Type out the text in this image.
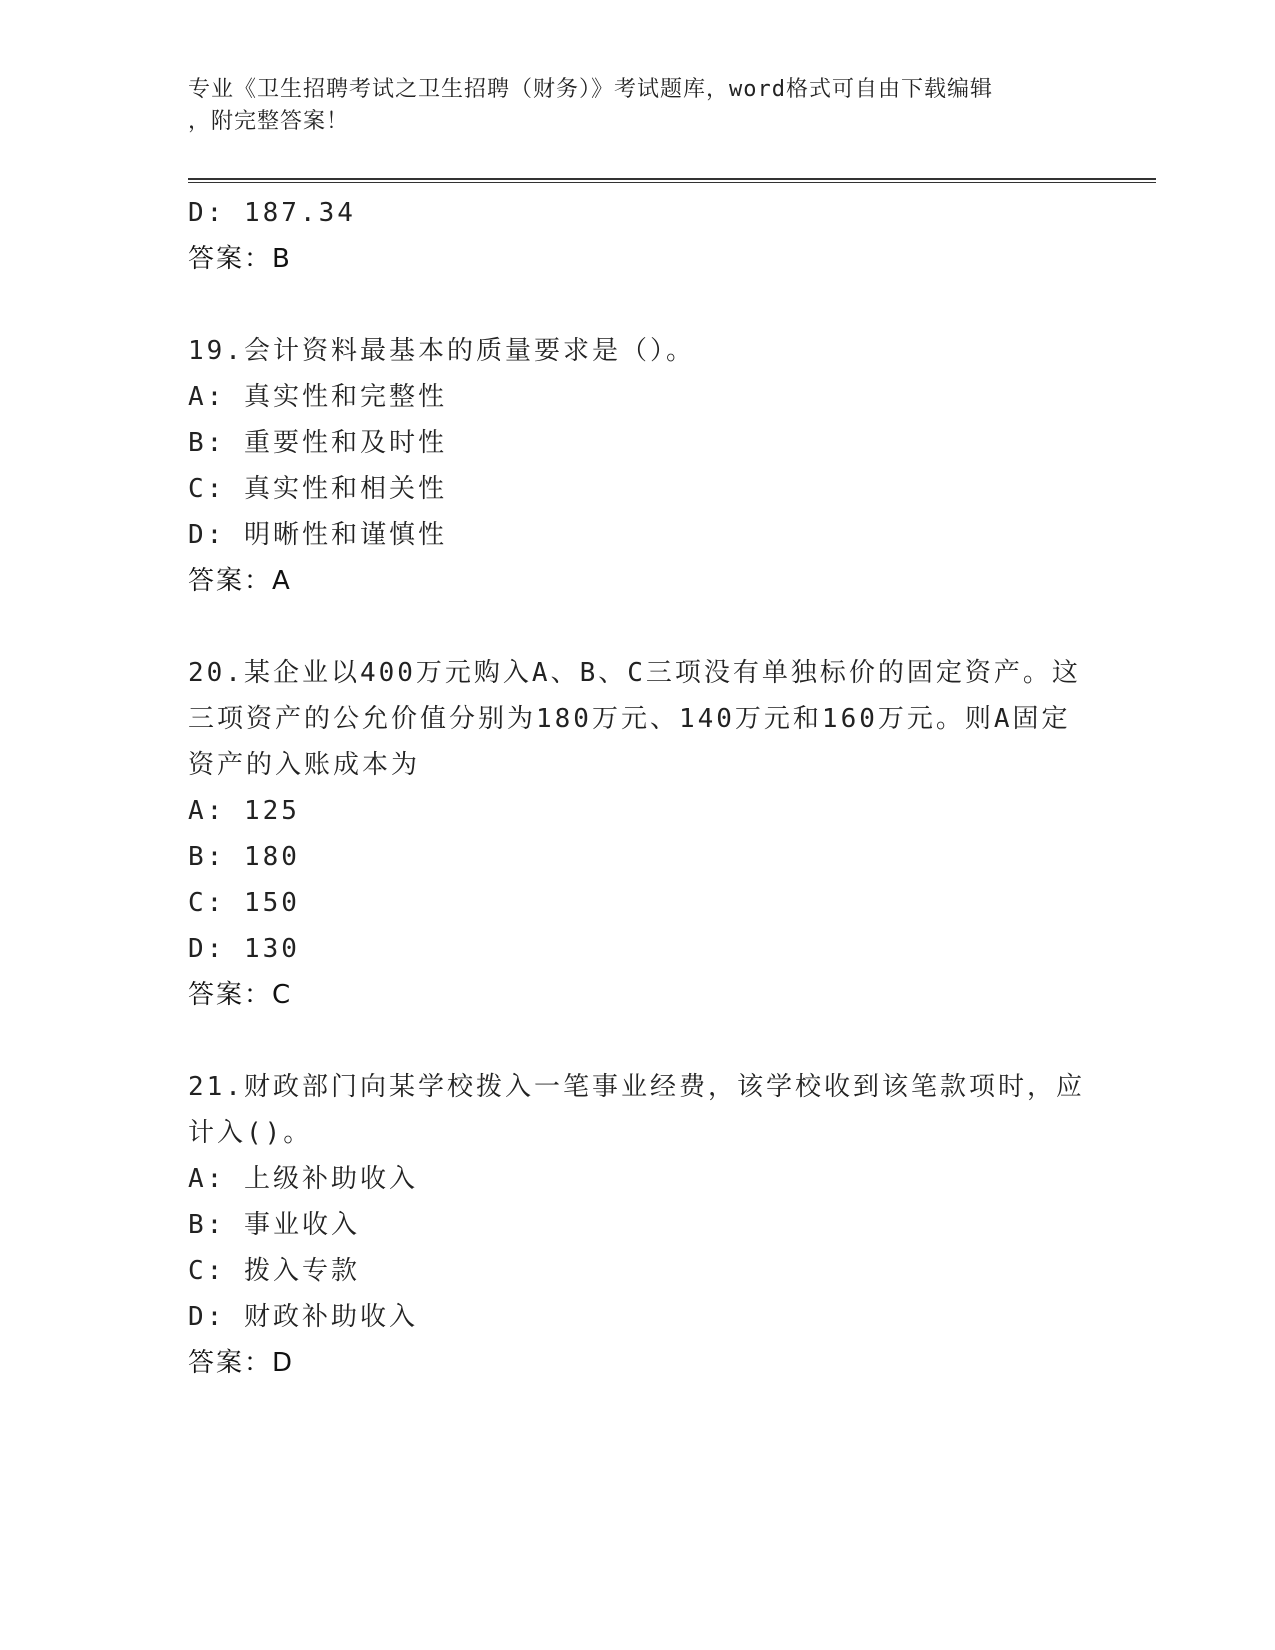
专业《卫生招聘考试之卫生招聘（财务）》考试题库，word格式可自由下载编辑
，附完整答案！
D: 187.34
答案：B
19.会计资料最基本的质量要求是（）。
A: 真实性和完整性
B: 重要性和及时性
C: 真实性和相关性
D: 明晰性和谨慎性
答案：A
20.某企业以400万元购入A、B、C三项没有单独标价的固定资产。这
三项资产的公允价值分别为180万元、140万元和160万元。则A固定
资产的入账成本为
A: 125
B: 180
C: 150
D: 130
答案：C
21.财政部门向某学校拨入一笔事业经费，该学校收到该笔款项时，应
计入()。
A: 上级补助收入
B: 事业收入
C: 拨入专款
D: 财政补助收入
答案：D
